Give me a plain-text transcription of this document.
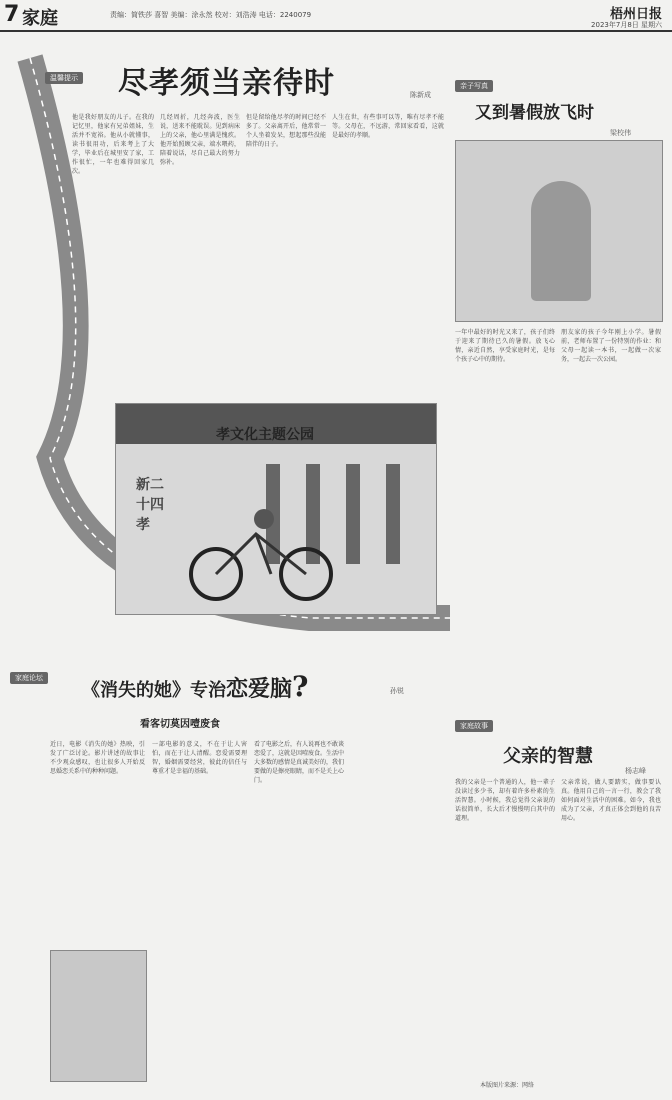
7 家庭	责编：简铁莎 喜智 美编：涂永然 校对：刘浩涛 电话：2240079	梧州日报
2023年7月8日 星期六
温馨提示 尽孝须当亲待时	陈新成
他是我好朋友的儿子。在我的记忆里，他家有兄弟姐妹，生活并不宽裕。他从小就懂事，读书很用功，后来考上了大学，毕业后在城里安了家，工作很忙，一年也难得回家几次。
几经周折，几经奔波，医生说，送来不能耽误。见到病床上的父亲，他心里满是愧疚。他开始照顾父亲，端水喂药，陪着说话，尽自己最大的努力弥补。
但是留给他尽孝的时间已经不多了。父亲离开后，他常常一个人坐着发呆，想起那些没能陪伴的日子。
人生在世，有些事可以等，唯有尽孝不能等。父母在，不远游，常回家看看，这就是最好的孝顺。
孝文化主题公园
新二十四孝
亲子写真
又到暑假放飞时
梁校伟
一年中最好的时光又来了，孩子们终于迎来了期待已久的暑假。放飞心情，亲近自然，享受家庭时光，是每个孩子心中的期待。
朋友家的孩子今年刚上小学。暑假前，老师布置了一份特别的作业：和父母一起读一本书，一起做一次家务，一起去一次公园。
家庭论坛
《消失的她》专治恋爱脑?
看客切莫因噎废食
孙锐
近日，电影《消失的她》热映，引发了广泛讨论。影片讲述的故事让不少观众感叹，也让很多人开始反思婚恋关系中的种种问题。
一部电影的意义，不在于让人害怕，而在于让人清醒。恋爱需要理智，婚姻需要经营，彼此的信任与尊重才是幸福的基础。
看了电影之后，有人说再也不敢谈恋爱了，这就是因噎废食。生活中大多数的感情是真诚美好的，我们要做的是擦亮眼睛，而不是关上心门。
家庭故事
父亲的智慧
杨志峰
我的父亲是一个普通的人，他一辈子没读过多少书，却有着许多朴素的生活智慧。小时候，我总觉得父亲说的话很简单，长大后才慢慢明白其中的道理。
父亲常说，做人要踏实，做事要认真。他用自己的一言一行，教会了我如何面对生活中的困难。如今，我也成为了父亲，才真正体会到他的良苦用心。
本版图片来源：网络
